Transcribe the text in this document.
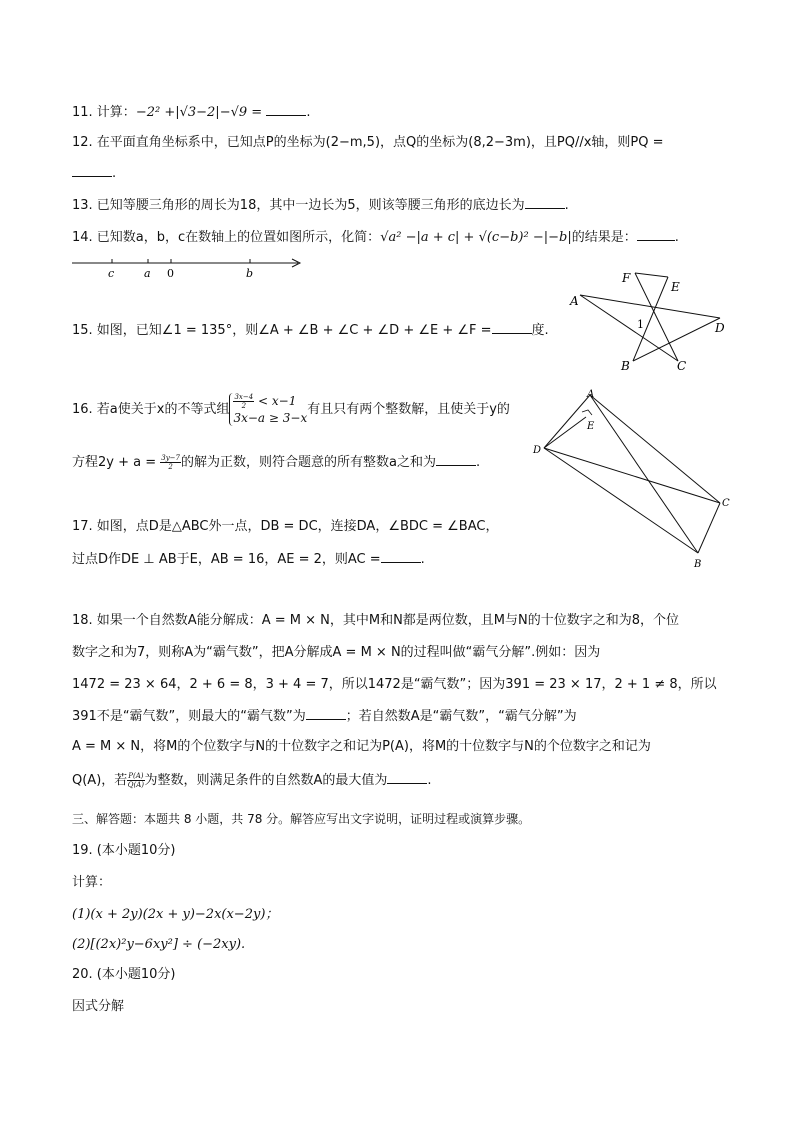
11. 计算：−2² +|√3−2|−√9 =	.
12. 在平面直角坐标系中，已知点P的坐标为(2−m,5)，点Q的坐标为(8,2−3m)，且PQ//x轴，则PQ =
.
13. 已知等腰三角形的周长为18，其中一边长为5，则该等腰三角形的底边长为	.
14. 已知数a，b，c在数轴上的位置如图所示，化简：√a² −|a + c| + √(c−b)² −|−b|的结果是：	.
c	a 0	b
15. 如图，已知∠1 = 135°，则∠A + ∠B + ∠C + ∠D + ∠E + ∠F =	度.
A
B	C
D
E
F
1
16. 若a使关于x的不等式组 $\frac{3x-4}{2} < x-1$
3x−a ≥ 3−x
有且只有两个整数解，且使关于y的
方程$2y + a = \frac{3y-7}{2}$ 的解为正数，则符合题意的所有整数a之和为	.
A
B
C
D
E
17. 如图，点D是△ABC外一点，DB = DC，连接DA，∠BDC = ∠BAC，
过点D作DE ⊥ AB于E，AB = 16，AE = 2，则AC =	.
18. 如果一个自然数A能分解成：A = M × N，其中M和N都是两位数，且M与N的十位数字之和为8，个位
数字之和为7，则称A为“霸气数”，把A分解成A = M × N的过程叫做“霸气分解”.例如：因为
1472 = 23 × 64，2 + 6 = 8，3 + 4 = 7，所以1472是“霸气数”；因为391 = 23 × 17，2 + 1 ≠ 8，所以
391不是“霸气数”，则最大的“霸气数”为	；若自然数A是“霸气数”，“霸气分解”为
A = M × N，将M的个位数字与N的十位数字之和记为P(A)，将M的十位数字与N的个位数字之和记为
Q(A)，若 $\frac{P(A)}{Q(A)}$ 为整数，则满足条件的自然数A的最大值为	.
三、解答题：本题共 8 小题，共 78 分。解答应写出文字说明，证明过程或演算步骤。
19. (本小题10分)
计算：
(1)(x + 2y)(2x + y)−2x(x−2y)；
(2)[(2x)²y−6xy²] ÷ (−2xy).
20. (本小题10分)
因式分解
